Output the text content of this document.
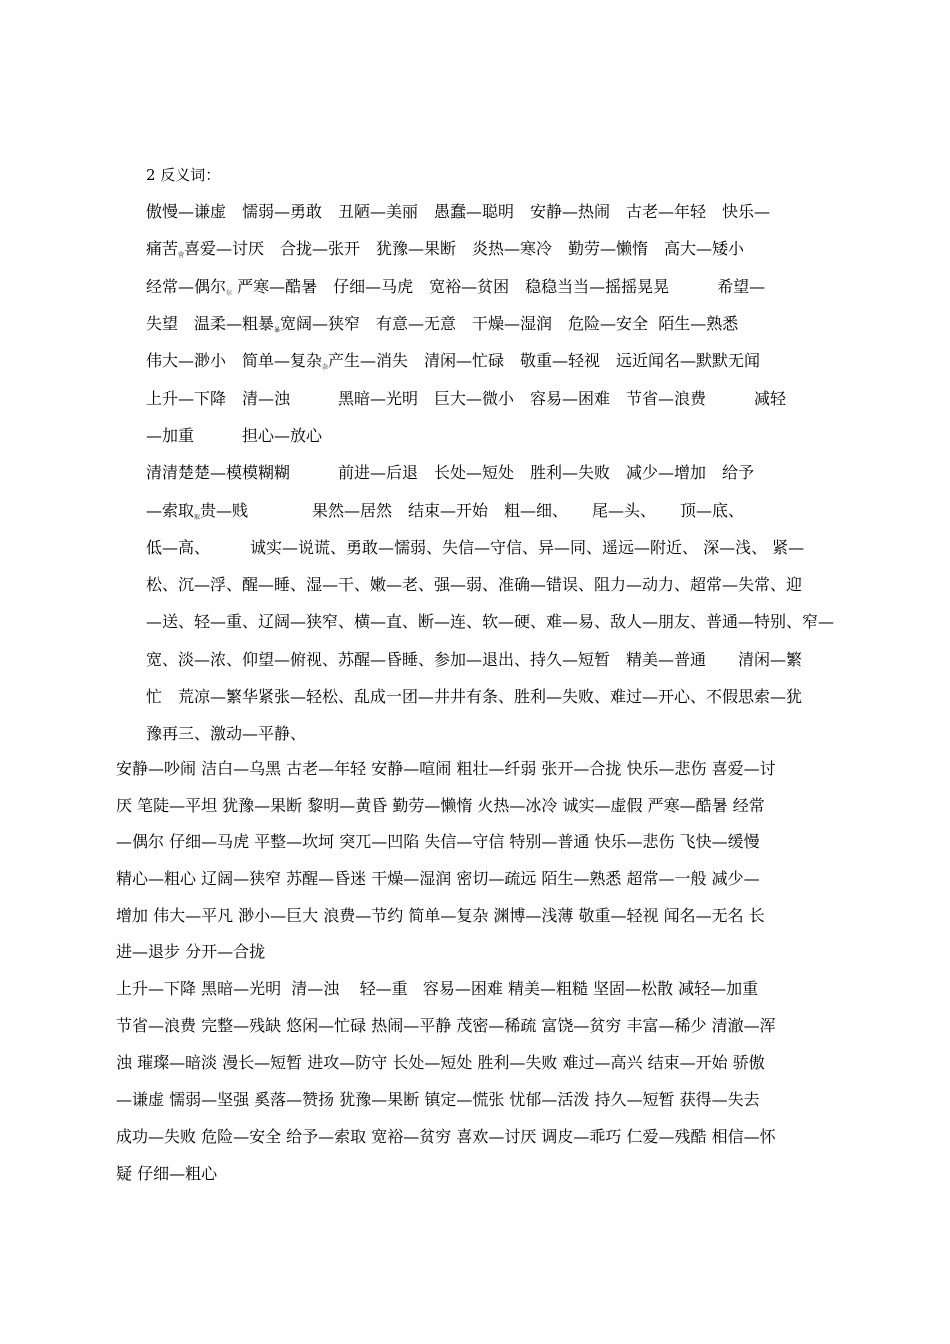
2 反义词：
傲慢—谦虚　懦弱—勇敢　丑陋—美丽　愚蠢—聪明　安静—热闹　古老—年轻　快乐—
痛苦营喜爱—讨厌　合拢—张开　犹豫—果断　炎热—寒冷　勤劳—懒惰　高大—矮小
经常—偶尔尔 严寒—酷暑　仔细—马虎　宽裕—贫困　稳稳当当—摇摇晃晃　　　希望—
失望　温柔—粗暴暴宽阔—狭窄　有意—无意　干燥—湿润　危险—安全  陌生—熟悉
伟大—渺小　简单—复杂杂产生—消失　清闲—忙碌　敬重—轻视　远近闻名—默默无闻
上升—下降　清—浊　　　黑暗—光明　巨大—微小　容易—困难　节省—浪费　　　减轻
—加重　　　担心—放心
清清楚楚—模模糊糊　　　前进—后退　长处—短处　胜利—失败　减少—增加　给予
—索取取贵—贱　　　　果然—居然　结束—开始　粗—细、　　尾—头、　　顶—底、
低—高、　　　诚实—说谎、勇敢—懦弱、失信—守信、异—同、遥远—附近、 深—浅、 紧—
松、沉—浮、醒—睡、湿—干、嫩—老、强—弱、准确—错误、阻力—动力、超常—失常、迎
—送、轻—重、辽阔—狭窄、横—直、断—连、软—硬、难—易、敌人—朋友、普通—特别、窄—
宽、淡—浓、仰望—俯视、苏醒—昏睡、参加—退出、持久—短暂　精美—普通　　清闲—繁
忙　荒凉—繁华紧张—轻松、乱成一团—井井有条、胜利—失败、难过—开心、不假思索—犹
豫再三、激动—平静、
安静—吵闹 洁白—乌黑 古老—年轻 安静—喧闹 粗壮—纤弱 张开—合拢 快乐—悲伤 喜爱—讨
厌 笔陡—平坦 犹豫—果断 黎明—黄昏 勤劳—懒惰 火热—冰冷 诚实—虚假 严寒—酷暑 经常
—偶尔 仔细—马虎 平整—坎坷 突兀—凹陷 失信—守信 特别—普通 快乐—悲伤 飞快—缓慢
精心—粗心 辽阔—狭窄 苏醒—昏迷 干燥—湿润 密切—疏远 陌生—熟悉 超常—一般 减少—
增加 伟大—平凡 渺小—巨大 浪费—节约 简单—复杂 渊博—浅薄 敬重—轻视 闻名—无名 长
进—退步 分开—合拢
上升—下降 黑暗—光明  清—浊    轻—重   容易—困难 精美—粗糙 坚固—松散 减轻—加重
节省—浪费 完整—残缺 悠闲—忙碌 热闹—平静 茂密—稀疏 富饶—贫穷 丰富—稀少 清澈—浑
浊 璀璨—暗淡 漫长—短暂 进攻—防守 长处—短处 胜利—失败 难过—高兴 结束—开始 骄傲
—谦虚 懦弱—坚强 奚落—赞扬 犹豫—果断 镇定—慌张 忧郁—活泼 持久—短暂 获得—失去
成功—失败 危险—安全 给予—索取 宽裕—贫穷 喜欢—讨厌 调皮—乖巧 仁爱—残酷 相信—怀
疑 仔细—粗心
